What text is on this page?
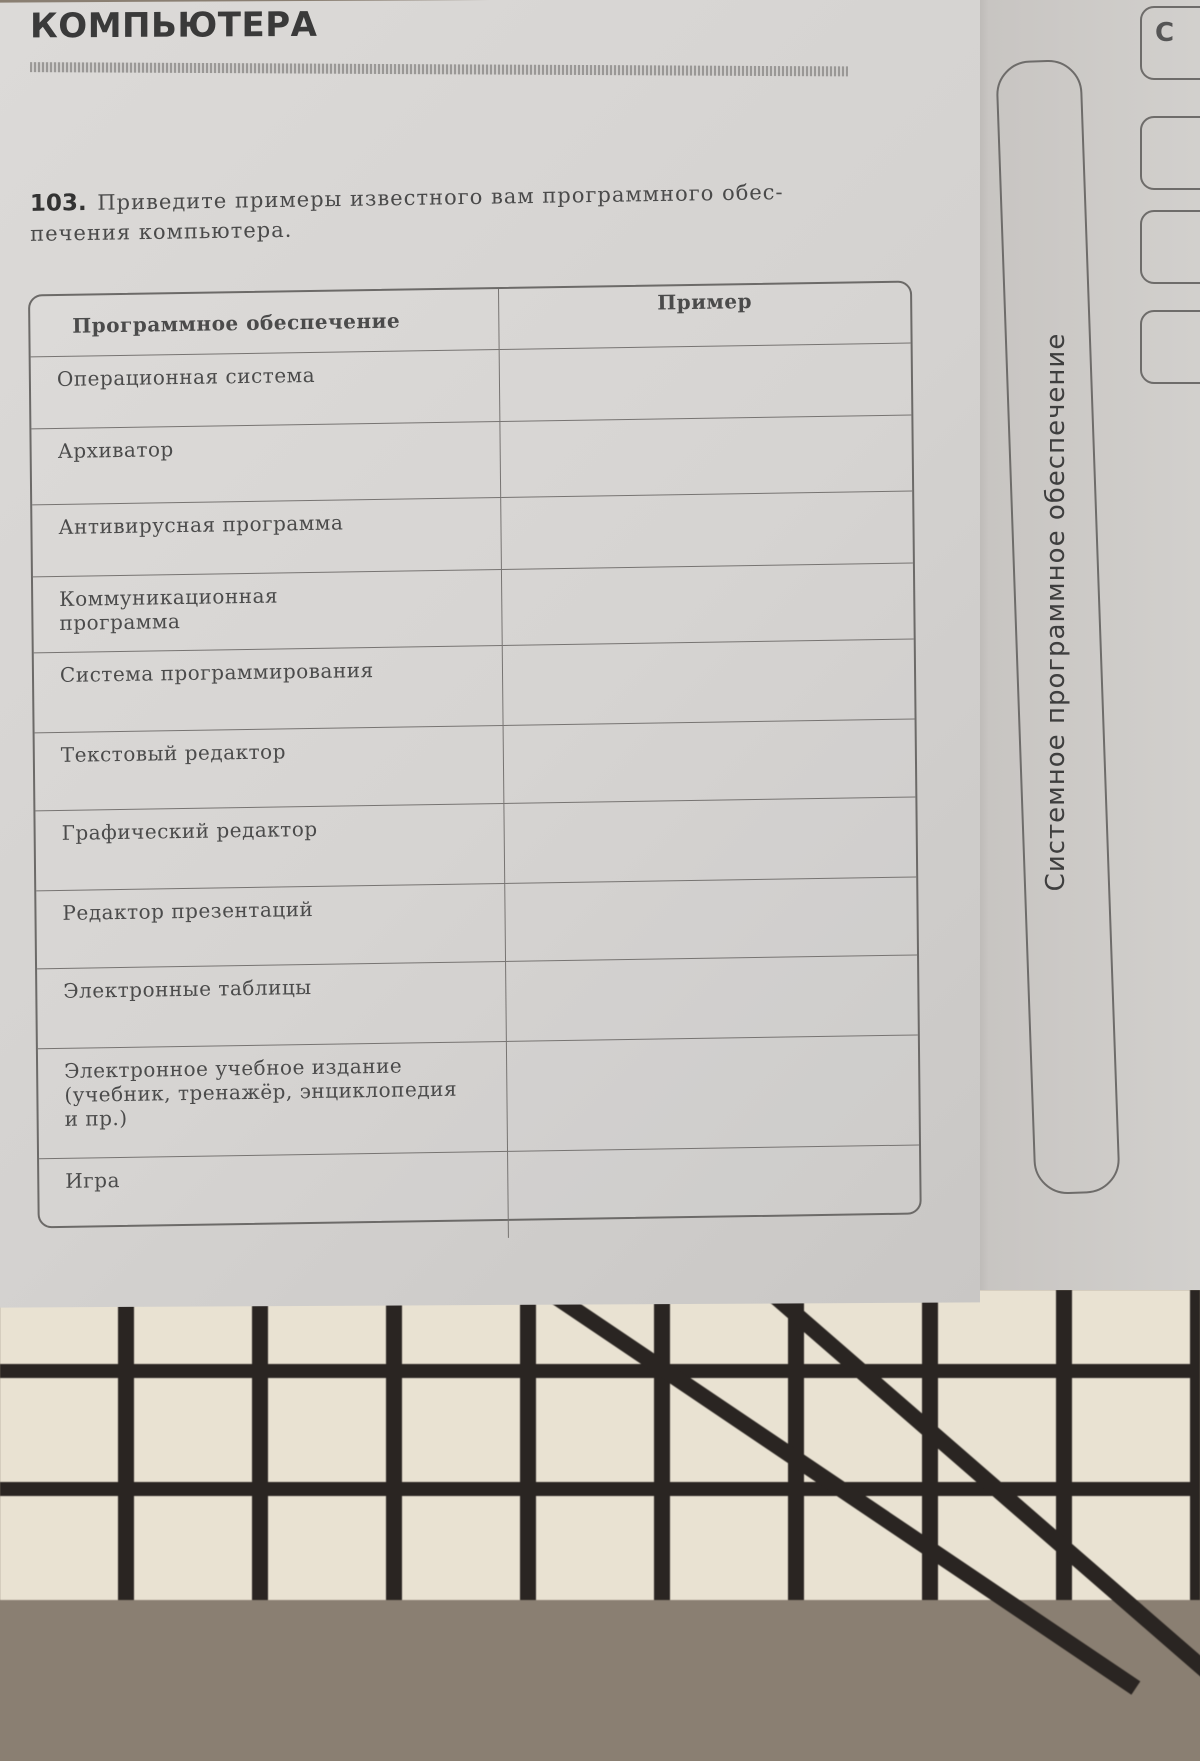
С
Системное программное обеспечение
КОМПЬЮТЕРА
103. Приведите примеры известного вам программного обес-печения компьютера.
Программное обеспечение	Пример
Операционная система	
Архиватор	
Антивирусная программа	
Коммуникационная программа	
Система программирования	
Текстовый редактор	
Графический редактор	
Редактор презентаций	
Электронные таблицы	
Электронное учебное издание (учебник, тренажёр, энциклопедия и пр.)	
Игра	
